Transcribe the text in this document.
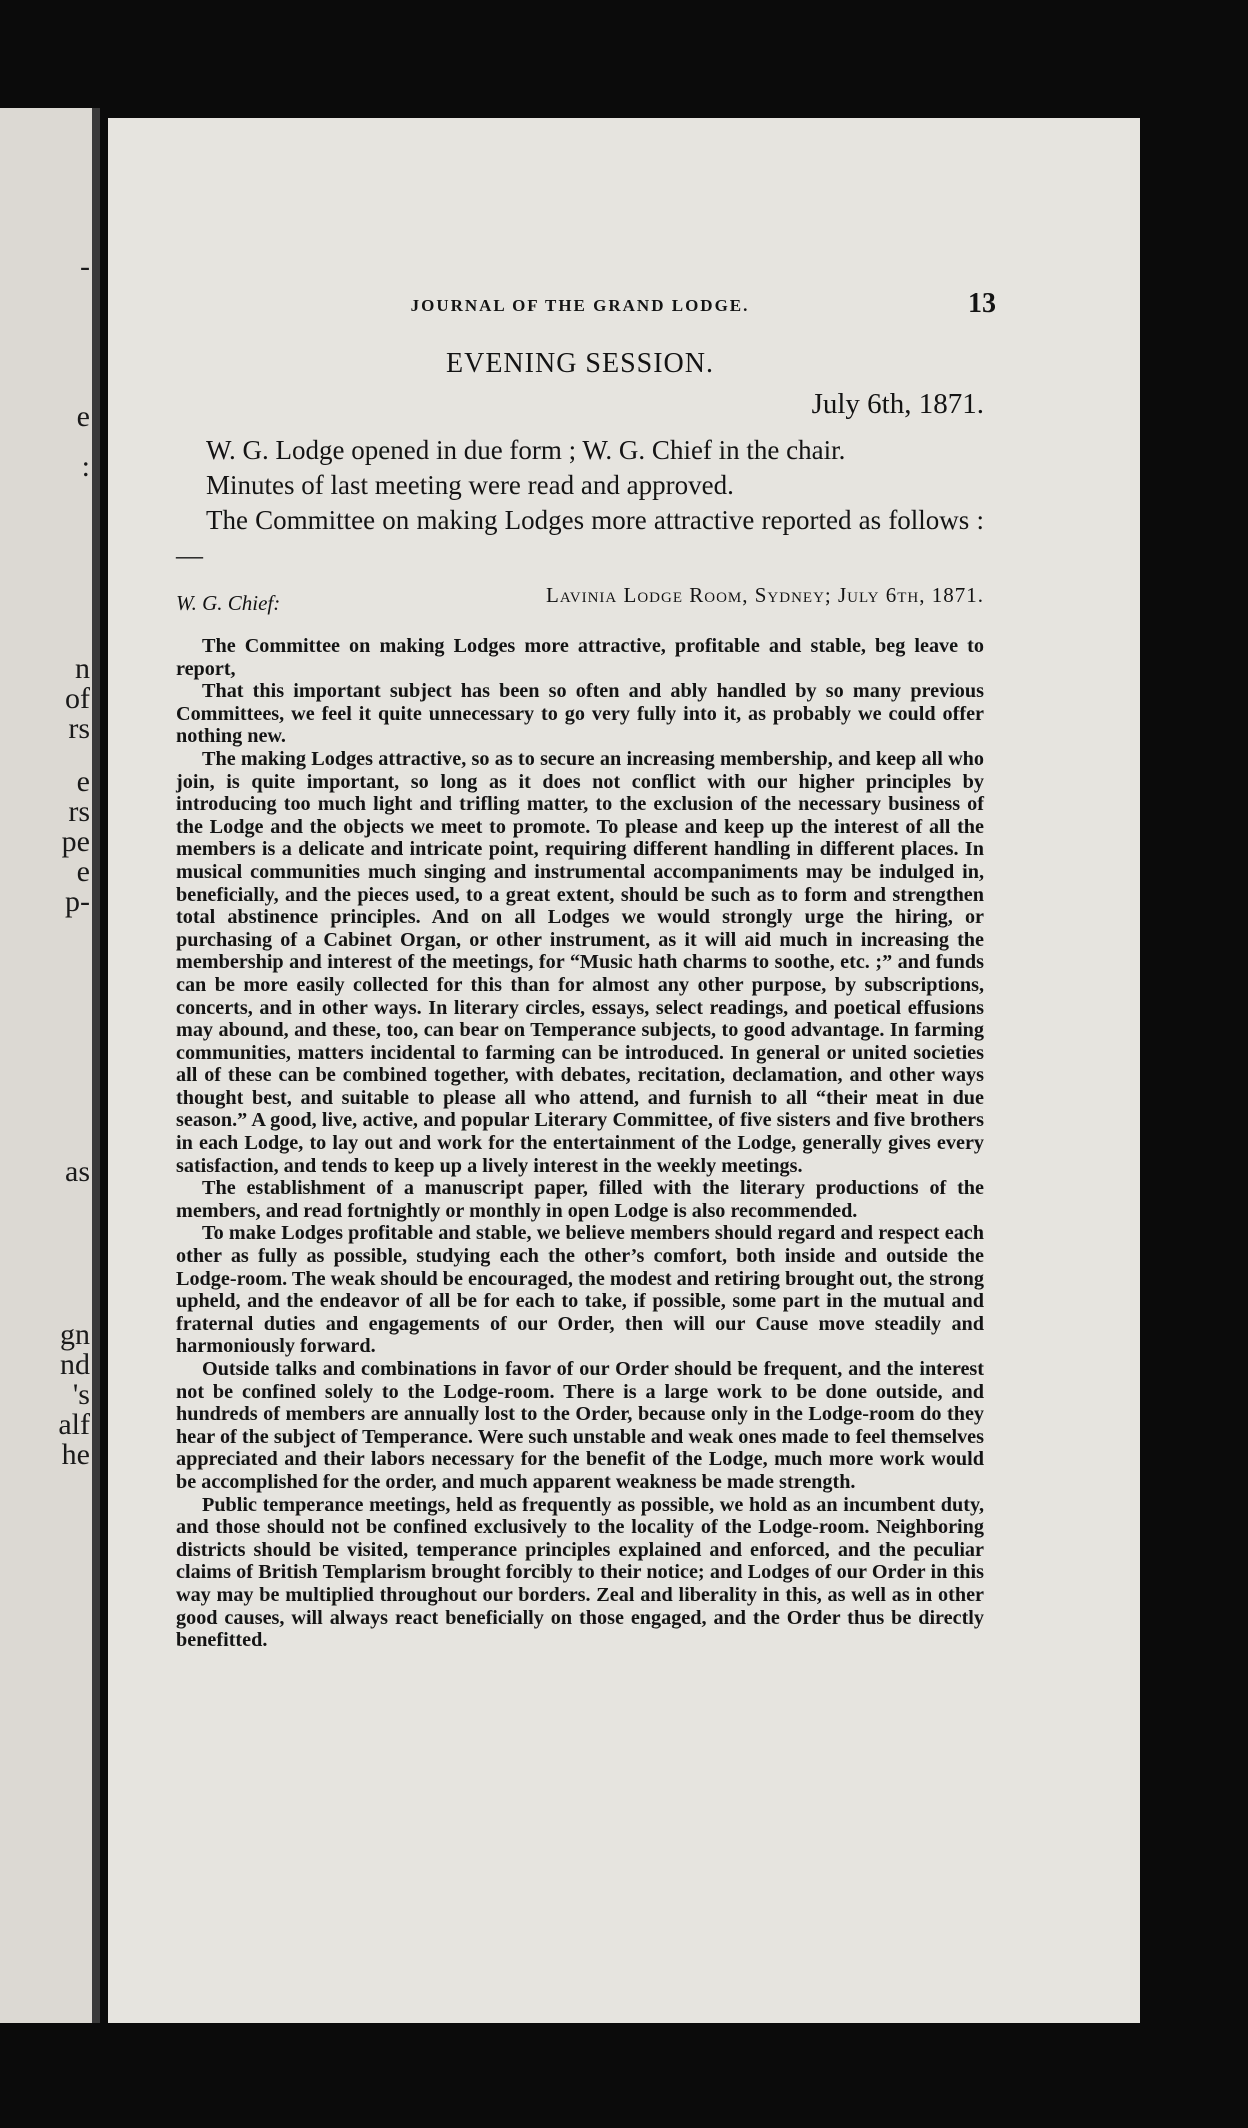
-
e
:
n
of
rs
e
rs
pe
e
p-
as
gn
nd
's
alf
he
JOURNAL OF THE GRAND LODGE.	13
EVENING SESSION.
July 6th, 1871.

W. G. Lodge opened in due form ; W. G. Chief in the chair.

Minutes of last meeting were read and approved.

The Committee on making Lodges more attractive reported as follows :—

W. G. Chief:	Lavinia Lodge Room, Sydney; July 6th, 1871.

The Committee on making Lodges more attractive, profitable and stable, beg leave to report,

That this important subject has been so often and ably handled by so many previous Committees, we feel it quite unnecessary to go very fully into it, as probably we could offer nothing new.

The making Lodges attractive, so as to secure an increasing membership, and keep all who join, is quite important, so long as it does not conflict with our higher principles by introducing too much light and trifling matter, to the exclusion of the necessary business of the Lodge and the objects we meet to promote. To please and keep up the interest of all the members is a delicate and intricate point, requiring different handling in different places. In musical communities much singing and instrumental accompaniments may be indulged in, beneficially, and the pieces used, to a great extent, should be such as to form and strengthen total abstinence principles. And on all Lodges we would strongly urge the hiring, or purchasing of a Cabinet Organ, or other instrument, as it will aid much in increasing the membership and interest of the meetings, for “Music hath charms to soothe, etc. ;” and funds can be more easily collected for this than for almost any other purpose, by subscriptions, concerts, and in other ways. In literary circles, essays, select readings, and poetical effusions may abound, and these, too, can bear on Temperance subjects, to good advantage. In farming communities, matters incidental to farming can be introduced. In general or united societies all of these can be combined together, with debates, recitation, declamation, and other ways thought best, and suitable to please all who attend, and furnish to all “their meat in due season.” A good, live, active, and popular Literary Committee, of five sisters and five brothers in each Lodge, to lay out and work for the entertainment of the Lodge, generally gives every satisfaction, and tends to keep up a lively interest in the weekly meetings.

The establishment of a manuscript paper, filled with the literary productions of the members, and read fortnightly or monthly in open Lodge is also recommended.

To make Lodges profitable and stable, we believe members should regard and respect each other as fully as possible, studying each the other’s comfort, both inside and outside the Lodge-room. The weak should be encouraged, the modest and retiring brought out, the strong upheld, and the endeavor of all be for each to take, if possible, some part in the mutual and fraternal duties and engagements of our Order, then will our Cause move steadily and harmoniously forward.

Outside talks and combinations in favor of our Order should be frequent, and the interest not be confined solely to the Lodge-room. There is a large work to be done outside, and hundreds of members are annually lost to the Order, because only in the Lodge-room do they hear of the subject of Temperance. Were such unstable and weak ones made to feel themselves appreciated and their labors necessary for the benefit of the Lodge, much more work would be accomplished for the order, and much apparent weakness be made strength.

Public temperance meetings, held as frequently as possible, we hold as an incumbent duty, and those should not be confined exclusively to the locality of the Lodge-room. Neighboring districts should be visited, temperance principles explained and enforced, and the peculiar claims of British Templarism brought forcibly to their notice; and Lodges of our Order in this way may be multiplied throughout our borders. Zeal and liberality in this, as well as in other good causes, will always react beneficially on those engaged, and the Order thus be directly benefitted.
